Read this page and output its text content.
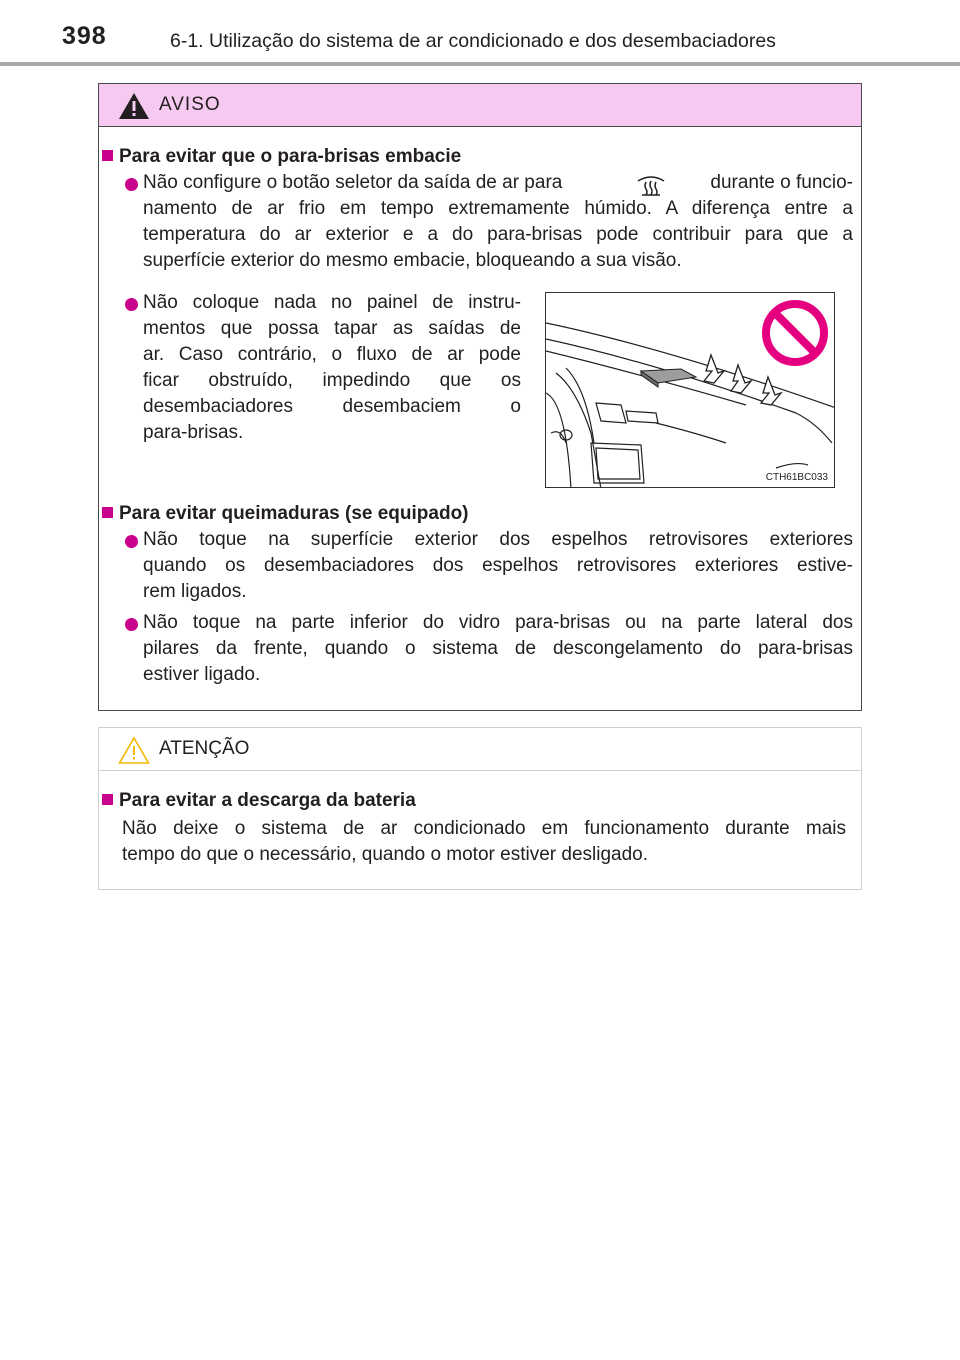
398	6-1. Utilização do sistema de ar condicionado e dos desembaciadores
AVISO
Para evitar que o para-brisas embacie
Não configure o botão seletor da saída de ar para	durante o funcio-
namento de ar frio em tempo extremamente húmido. A diferença entre a
temperatura do ar exterior e a do para-brisas pode contribuir para que a
superfície exterior do mesmo embacie, bloqueando a sua visão.
Não coloque nada no painel de instru-
mentos que possa tapar as saídas de
ar. Caso contrário, o fluxo de ar pode
ficar obstruído, impedindo que os
desembaciadores desembaciem o
para-brisas.
CTH61BC033
Para evitar queimaduras (se equipado)
Não toque na superfície exterior dos espelhos retrovisores exteriores
quando os desembaciadores dos espelhos retrovisores exteriores estive-
rem ligados.
Não toque na parte inferior do vidro para-brisas ou na parte lateral dos
pilares da frente, quando o sistema de descongelamento do para-brisas
estiver ligado.
ATENÇÃO
Para evitar a descarga da bateria
Não deixe o sistema de ar condicionado em funcionamento durante mais
tempo do que o necessário, quando o motor estiver desligado.
